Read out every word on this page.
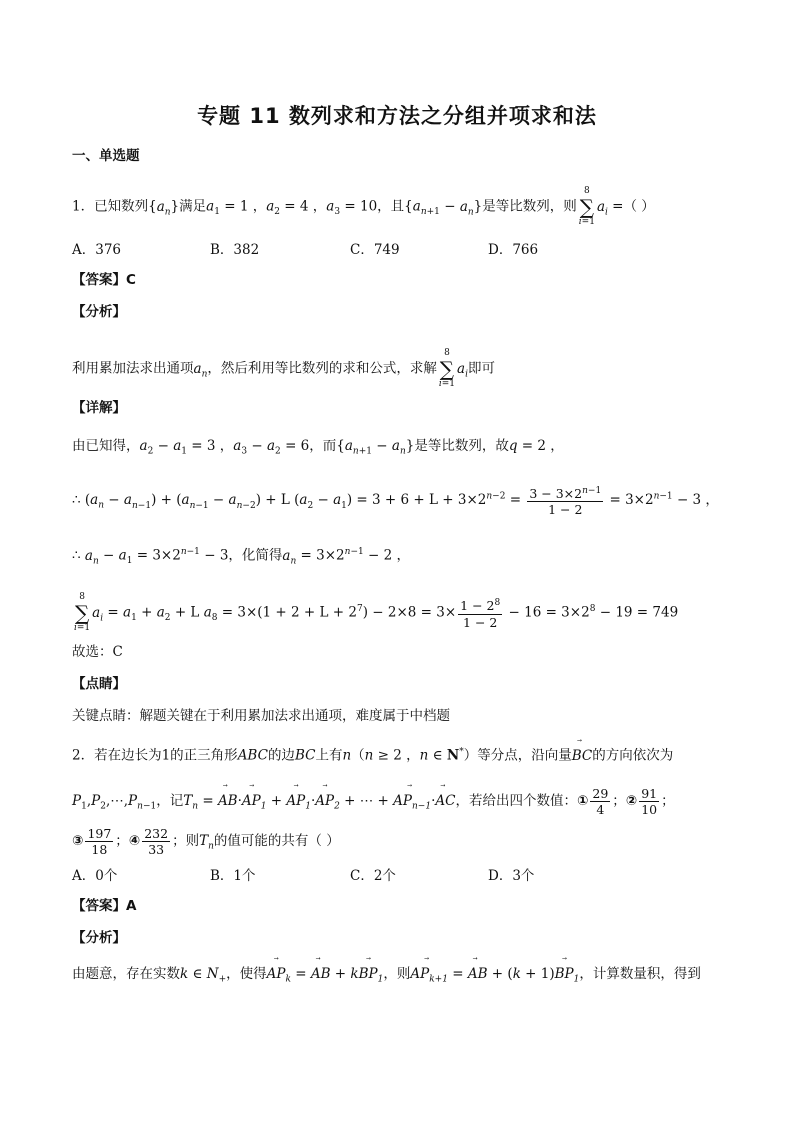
专题 11 数列求和方法之分组并项求和法
一、单选题
1．已知数列$\{a_n\}$满足$a_1 = 1$ ，$a_2 = 4$ ，$a_3 = 10$，且$\{a_{n+1} - a_n\}$是等比数列，则
8
∑
i=1
$a_i$ =（ ）
A．376	B．382	C．749	D．766
【答案】C
【分析】
利用累加法求出通项$a_n$，然后利用等比数列的求和公式，求解
8
∑
i=1
$a_i$即可
【详解】
由已知得，$a_2 - a_1 = 3$ ，$a_3 - a_2 = 6$，而$\{a_{n+1} - a_n\}$是等比数列，故q = 2 ，
∴ $(a_n - a_{n-1}) + (a_{n-1} - a_{n-2}) + L$ $(a_2 - a_1) = 3 + 6 + L + 3\times 2^{n-2} = \frac{3 - 3\times 2^{n-1}}{1 - 2} = 3\times 2^{n-1} - 3$ ，
∴ $a_n - a_1 = 3\times 2^{n-1} - 3$，化简得$a_n = 3\times 2^{n-1} - 2$ ，
8
∑
i=1
$a_i = a_1 + a_2 + L$ $a_8 = 3\times(1 + 2 + L + 2^7) - 2\times 8 = 3\times \frac{1 - 2^8}{1 - 2} - 16 = 3\times 2^8 - 19 = 749$
故选：C
【点睛】
关键点睛：解题关键在于利用累加法求出通项，难度属于中档题
2．若在边长为1的正三角形ABC的边BC上有n（n ≥ 2 ，n ∈ N*）等分点，沿向量⃗ BC的方向依次为
$P_1,P_2,\cdots,P_{n-1}$，记$T_n$ = ⃗ AB·⃗ $AP_1$ + ⃗ $AP_1\cdot⃗$ $AP_2$ + ⋯ + ⃗ $AP_{n-1}\cdot⃗$ AC，若给出四个数值：① $\frac{29}{4}$ ；② $\frac{91}{10}$ ；
③ $\frac{197}{18}$ ；④ $\frac{232}{33}$ ；则$T_n$的值可能的共有（ ）
A．0个	B．1个	C．2个	D．3个
【答案】A
【分析】
由题意，存在实数k ∈ $N_+$，使得⃗ $AP_k$ = ⃗ AB + k⃗ $BP_1$，则⃗ $AP_{k+1}$ = ⃗ AB + (k + 1)⃗ $BP_1$，计算数量积，得到
